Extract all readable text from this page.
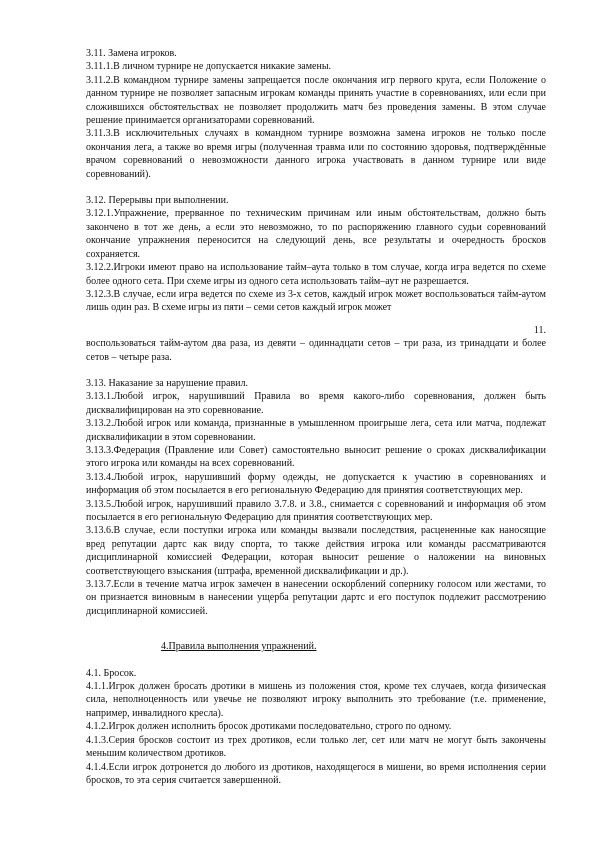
3.11. Замена игроков.

3.11.1.В личном турнире не допускается никакие замены.

3.11.2.В командном турнире замены запрещается после окончания игр первого круга, если Положение о данном турнире не позволяет запасным игрокам команды принять участие в соревнованиях, или если при сложившихся обстоятельствах не позволяет продолжить матч без проведения замены. В этом случае решение принимается организаторами соревнований.

3.11.3.В исключительных случаях в командном турнире возможна замена игроков не только после окончания лега, а также во время игры (полученная травма или по состоянию здоровья, подтверждённые врачом соревнований о невозможности данного игрока участвовать в данном турнире или виде соревнований).

3.12. Перерывы при выполнении.

3.12.1.Упражнение, прерванное по техническим причинам или иным обстоятельствам, должно быть закончено в тот же день, а если это невозможно, то по распоряжению главного судьи соревнований окончание упражнения переносится на следующий день, все результаты и очередность бросков сохраняется.

3.12.2.Игроки имеют право на использование тайм–аута только в том случае, когда игра ведется по схеме более одного сета. При схеме игры из одного сета использовать тайм–аут не разрешается.

3.12.3.В случае, если игра ведется по схеме из 3-х сетов, каждый игрок может воспользоваться тайм-аутом лишь один раз. В схеме игры из пяти – семи сетов каждый игрок может

11.

воспользоваться тайм-аутом два раза, из девяти – одиннадцати сетов – три раза, из тринадцати и более сетов – четыре раза.

3.13. Наказание за нарушение правил.

3.13.1.Любой игрок, нарушивший Правила во время какого-либо соревнования, должен быть дисквалифицирован на это соревнование.

3.13.2.Любой игрок или команда, признанные в умышленном проигрыше лега, сета или матча, подлежат дисквалификации в этом соревновании.

3.13.3.Федерация (Правление или Совет) самостоятельно выносит решение о сроках дисквалификации этого игрока или команды на всех соревнований.

3.13.4.Любой игрок, нарушивший форму одежды, не допускается к участию в соревнованиях и информация об этом посылается в его региональную Федерацию для принятия соответствующих мер.

3.13.5.Любой игрок, нарушивший правило 3.7.8. и 3.8., снимается с соревнований и информация об этом посылается в его региональную Федерацию для принятия соответствующих мер.

3.13.6.В случае, если поступки игрока или команды вызвали последствия, расцененные как наносящие вред репутации дартс как виду спорта, то также действия игрока или команды рассматриваются дисциплинарной комиссией Федерации, которая выносит решение о наложении на виновных соответствующего взыскания (штрафа, временной дисквалификации и др.).

3.13.7.Если в течение матча игрок замечен в нанесении оскорблений сопернику голосом или жестами, то он признается виновным в нанесении ущерба репутации дартс и его поступок подлежит рассмотрению дисциплинарной комиссией.

4.Правила выполнения упражнений.

4.1. Бросок.

4.1.1.Игрок должен бросать дротики в мишень из положения стоя, кроме тех случаев, когда физическая сила, неполноценность или увечье не позволяют игроку выполнить это требование (т.е. применение, например, инвалидного кресла).

4.1.2.Игрок должен исполнить бросок дротиками последовательно, строго по одному.

4.1.3.Серия бросков состоит из трех дротиков, если только лег, сет или матч не могут быть закончены меньшим количеством дротиков.

4.1.4.Если игрок дотронется до любого из дротиков, находящегося в мишени, во время исполнения серии бросков, то эта серия считается завершенной.
